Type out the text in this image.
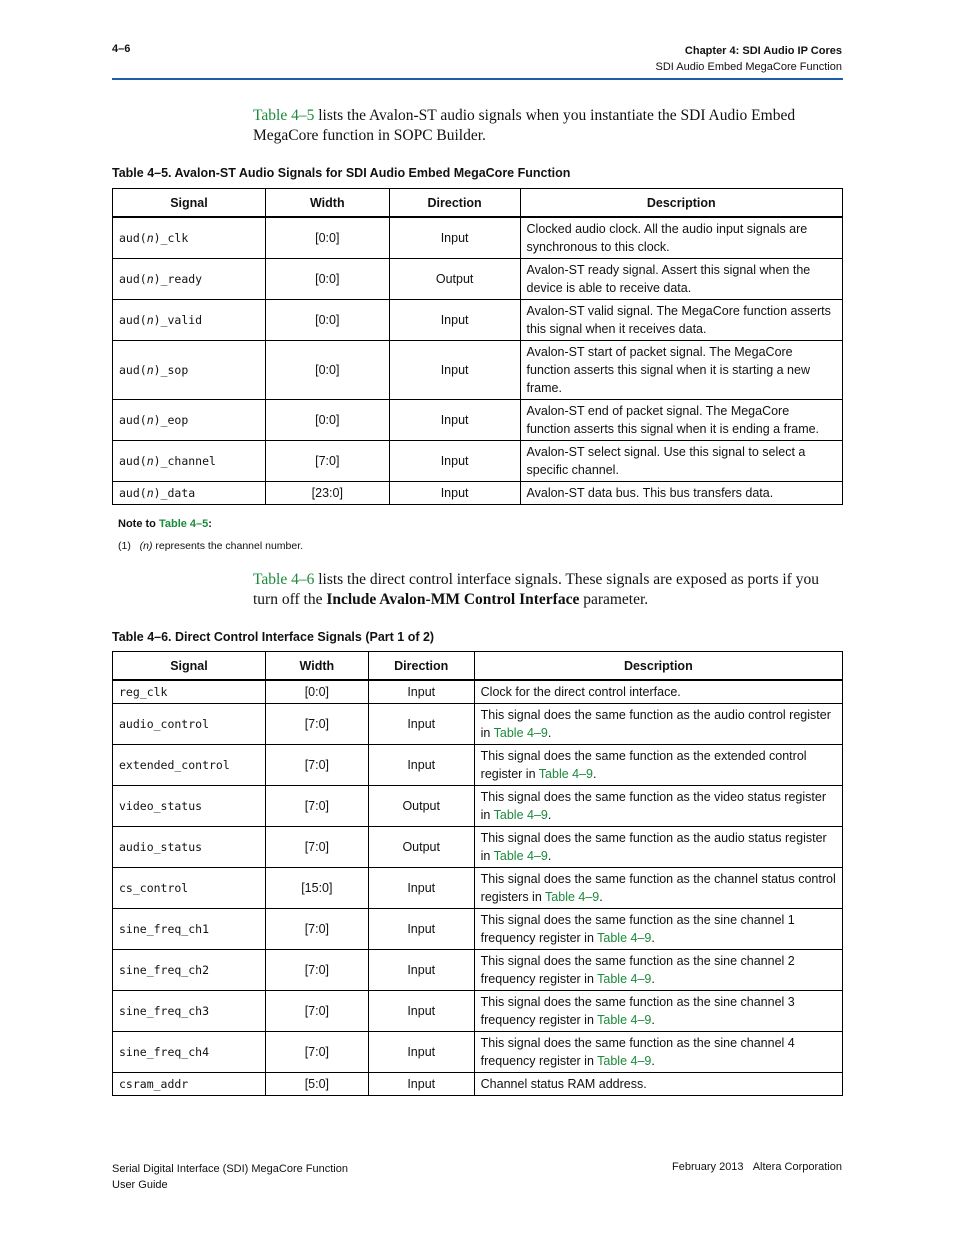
4–6	Chapter 4: SDI Audio IP Cores
SDI Audio Embed MegaCore Function
Table 4–5 lists the Avalon-ST audio signals when you instantiate the SDI Audio Embed MegaCore function in SOPC Builder.
Table 4–5. Avalon-ST Audio Signals for SDI Audio Embed MegaCore Function
Signal	Width	Direction	Description
aud(n)_clk	[0:0]	Input	Clocked audio clock. All the audio input signals are synchronous to this clock.
aud(n)_ready	[0:0]	Output	Avalon-ST ready signal. Assert this signal when the device is able to receive data.
aud(n)_valid	[0:0]	Input	Avalon-ST valid signal. The MegaCore function asserts this signal when it receives data.
aud(n)_sop	[0:0]	Input	Avalon-ST start of packet signal. The MegaCore function asserts this signal when it is starting a new frame.
aud(n)_eop	[0:0]	Input	Avalon-ST end of packet signal. The MegaCore function asserts this signal when it is ending a frame.
aud(n)_channel	[7:0]	Input	Avalon-ST select signal. Use this signal to select a specific channel.
aud(n)_data	[23:0]	Input	Avalon-ST data bus. This bus transfers data.
Note to Table 4–5:
(1) (n) represents the channel number.
Table 4–6 lists the direct control interface signals. These signals are exposed as ports if you turn off the Include Avalon-MM Control Interface parameter.
Table 4–6. Direct Control Interface Signals (Part 1 of 2)
Signal	Width	Direction	Description
reg_clk	[0:0]	Input	Clock for the direct control interface.
audio_control	[7:0]	Input	This signal does the same function as the audio control register in Table 4–9.
extended_control	[7:0]	Input	This signal does the same function as the extended control register in Table 4–9.
video_status	[7:0]	Output	This signal does the same function as the video status register in Table 4–9.
audio_status	[7:0]	Output	This signal does the same function as the audio status register in Table 4–9.
cs_control	[15:0]	Input	This signal does the same function as the channel status control registers in Table 4–9.
sine_freq_ch1	[7:0]	Input	This signal does the same function as the sine channel 1 frequency register in Table 4–9.
sine_freq_ch2	[7:0]	Input	This signal does the same function as the sine channel 2 frequency register in Table 4–9.
sine_freq_ch3	[7:0]	Input	This signal does the same function as the sine channel 3 frequency register in Table 4–9.
sine_freq_ch4	[7:0]	Input	This signal does the same function as the sine channel 4 frequency register in Table 4–9.
csram_addr	[5:0]	Input	Channel status RAM address.
Serial Digital Interface (SDI) MegaCore Function
User Guide
February 2013 Altera Corporation
